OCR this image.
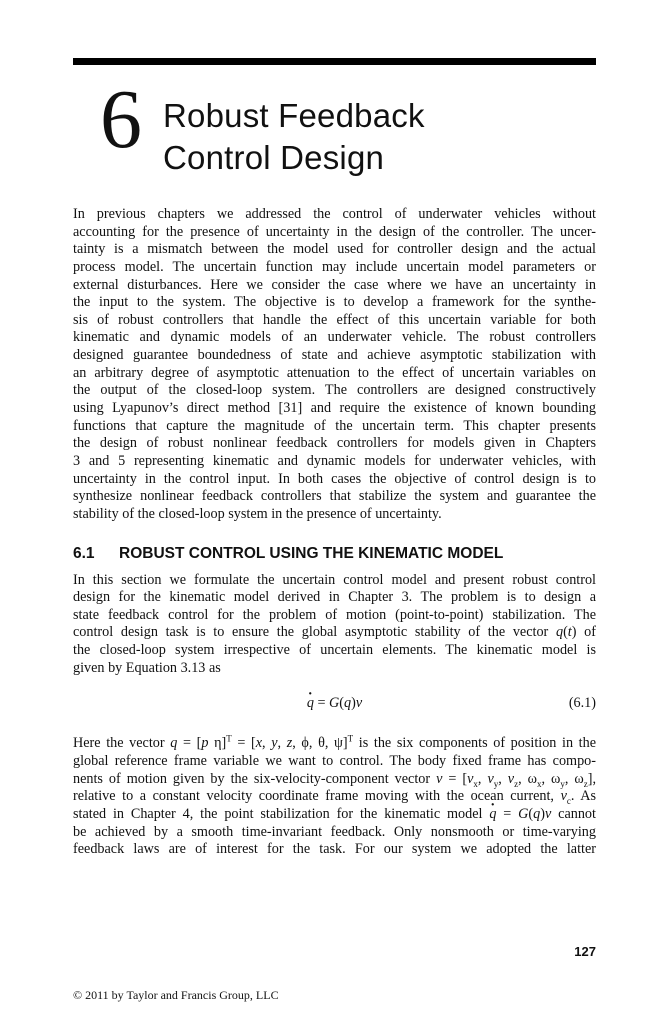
6 Robust Feedback
Control Design
In previous chapters we addressed the control of underwater vehicles without
accounting for the presence of uncertainty in the design of the controller. The uncer-
tainty is a mismatch between the model used for controller design and the actual
process model. The uncertain function may include uncertain model parameters or
external disturbances. Here we consider the case where we have an uncertainty in
the input to the system. The objective is to develop a framework for the synthe-
sis of robust controllers that handle the effect of this uncertain variable for both
kinematic and dynamic models of an underwater vehicle. The robust controllers
designed guarantee boundedness of state and achieve asymptotic stabilization with
an arbitrary degree of asymptotic attenuation to the effect of uncertain variables on
the output of the closed-loop system. The controllers are designed constructively
using Lyapunov’s direct method [31] and require the existence of known bounding
functions that capture the magnitude of the uncertain term. This chapter presents
the design of robust nonlinear feedback controllers for models given in Chapters
3 and 5 representing kinematic and dynamic models for underwater vehicles, with
uncertainty in the control input. In both cases the objective of control design is to
synthesize nonlinear feedback controllers that stabilize the system and guarantee the
stability of the closed-loop system in the presence of uncertainty.
6.1 ROBUST CONTROL USING THE KINEMATIC MODEL
In this section we formulate the uncertain control model and present robust control
design for the kinematic model derived in Chapter 3. The problem is to design a
state feedback control for the problem of motion (point-to-point) stabilization. The
control design task is to ensure the global asymptotic stability of the vector q(t) of
the closed-loop system irrespective of uncertain elements. The kinematic model is
given by Equation 3.13 as
· q = G(q)v	(6.1)
Here the vector q = [p η]$^T$ = [x, y, z, ϕ, θ, ψ]$^T$ is the six components of position in the
global reference frame variable we want to control. The body fixed frame has compo-
nents of motion given by the six-velocity-component vector $v = [v_x$, $v_y$, $v_z$, $\omega_x$, $\omega_y$, $\omega_z$],
relative to a constant velocity coordinate frame moving with the ocean current, $v_c$. As
stated in Chapter 4, the point stabilization for the kinematic model · q = G(q)v cannot
be achieved by a smooth time-invariant feedback. Only nonsmooth or time-varying
feedback laws are of interest for the task. For our system we adopted the latter
127
© 2011 by Taylor and Francis Group, LLC
